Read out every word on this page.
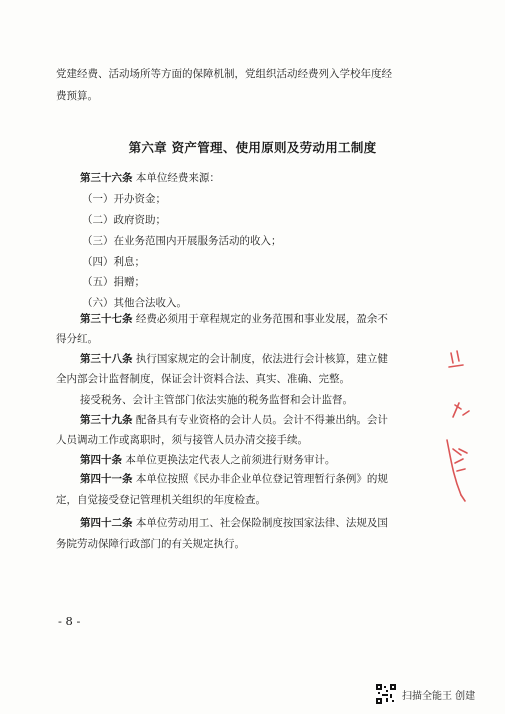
党建经费、活动场所等方面的保障机制，党组织活动经费列入学校年度经
费预算。
第六章 资产管理、使用原则及劳动用工制度
第三十六条 本单位经费来源：
（一）开办资金；
（二）政府资助；
（三）在业务范围内开展服务活动的收入；
（四）利息；
（五）捐赠；
（六）其他合法收入。
第三十七条 经费必须用于章程规定的业务范围和事业发展，盈余不
得分红。
第三十八条 执行国家规定的会计制度，依法进行会计核算，建立健
全内部会计监督制度，保证会计资料合法、真实、准确、完整。
接受税务、会计主管部门依法实施的税务监督和会计监督。
第三十九条 配备具有专业资格的会计人员。会计不得兼出纳。会计
人员调动工作或离职时，须与接管人员办清交接手续。
第四十条 本单位更换法定代表人之前须进行财务审计。
第四十一条 本单位按照《民办非企业单位登记管理暂行条例》的规
定，自觉接受登记管理机关组织的年度检查。
第四十二条 本单位劳动用工、社会保险制度按国家法律、法规及国
务院劳动保障行政部门的有关规定执行。
- 8 -
扫描全能王 创建
